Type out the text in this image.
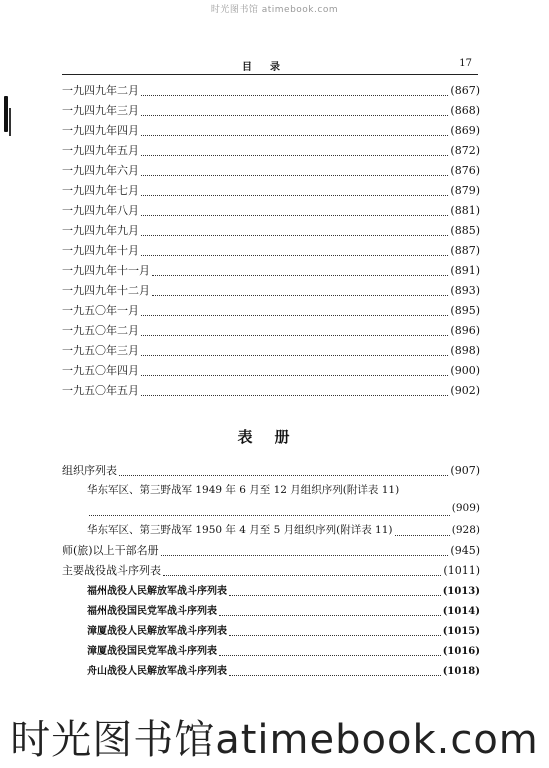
时光图书馆 atimebook.com
目录	17
一九四九年二月	(867)
一九四九年三月	(868)
一九四九年四月	(869)
一九四九年五月	(872)
一九四九年六月	(876)
一九四九年七月	(879)
一九四九年八月	(881)
一九四九年九月	(885)
一九四九年十月	(887)
一九四九年十一月	(891)
一九四九年十二月	(893)
一九五〇年一月	(895)
一九五〇年二月	(896)
一九五〇年三月	(898)
一九五〇年四月	(900)
一九五〇年五月	(902)
表册
组织序列表	(907)
华东军区、第三野战军 1949 年 6 月至 12 月组织序列(附详表 11)
(909)
华东军区、第三野战军 1950 年 4 月至 5 月组织序列(附详表 11)	(928)
师(旅)以上干部名册	(945)
主要战役战斗序列表	(1011)
福州战役人民解放军战斗序列表	(1013)
福州战役国民党军战斗序列表	(1014)
漳厦战役人民解放军战斗序列表	(1015)
漳厦战役国民党军战斗序列表	(1016)
舟山战役人民解放军战斗序列表	(1018)
时光图书馆atimebook.com
